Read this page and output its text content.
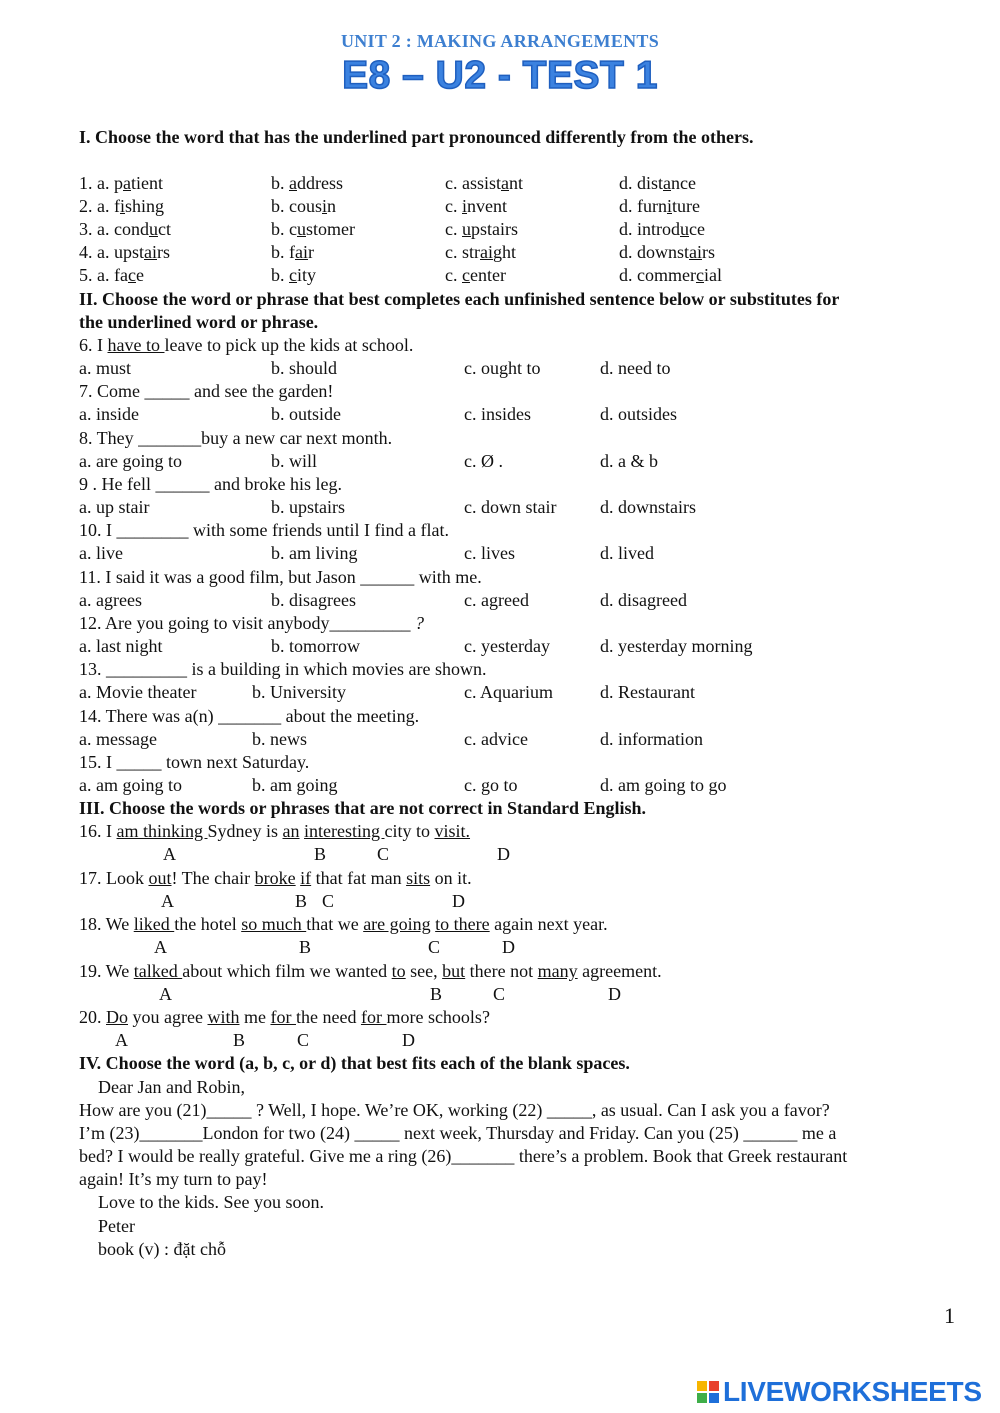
UNIT 2 : MAKING ARRANGEMENTS
E8 – U2 - TEST 1
I. Choose the word that has the underlined part pronounced differently from the others.
1. a. patient	b. address	c. assistant	d. distance
2. a. fishing	b. cousin	c. invent	d. furniture
3. a. conduct	b. customer	c. upstairs	d. introduce
4. a. upstairs	b. fair	c. straight	d. downstairs
5. a. face	b. city	c. center	d. commercial
II. Choose the word or phrase that best completes each unfinished sentence below or substitutes for
the underlined word or phrase.
6. I have to leave to pick up the kids at school.
a. must	b. should	c. ought to	d. need to
7. Come _____ and see the garden!
a. inside	b. outside	c. insides	d. outsides
8. They _______buy a new car next month.
a. are going to	b. will	c. Ø .	d. a & b
9 . He fell ______ and broke his leg.
a. up stair	b. upstairs	c. down stair d. downstairs
10. I ________ with some friends until I find a flat.
a. live	b. am living	c. lives	d. lived
11. I said it was a good film, but Jason ______ with me.
a. agrees	b. disagrees	c. agreed	d. disagreed
12. Are you going to visit anybody_________ ?
a. last night	b. tomorrow	c. yesterday	d. yesterday morning
13. _________ is a building in which movies are shown.
a. Movie theater	b. University	c. Aquarium	d. Restaurant
14. There was a(n) _______ about the meeting.
a. message	b. news	c. advice	d. information
15. I _____ town next Saturday.
a. am going to	b. am going	c. go to	d. am going to go
III. Choose the words or phrases that are not correct in Standard English.
16. I am thinking Sydney is an interesting city to visit.
A	B	C	D
17. Look out! The chair broke if that fat man sits on it.
A	B C	D
18. We liked the hotel so much that we are going to there again next year.
A	B	C	D
19. We talked about which film we wanted to see, but there not many agreement.
A	B	C	D
20. Do you agree with me for the need for more schools?
A	B	C	D
IV. Choose the word (a, b, c, or d) that best fits each of the blank spaces.
Dear Jan and Robin,
How are you (21)_____ ? Well, I hope. We’re OK, working (22) _____, as usual. Can I ask you a favor?
I’m (23)_______London for two (24) _____ next week, Thursday and Friday. Can you (25) ______ me a
bed? I would be really grateful. Give me a ring (26)_______ there’s a problem. Book that Greek restaurant
again! It’s my turn to pay!
Love to the kids. See you soon.
Peter
book (v) : đặt chỗ
1
LIVEWORKSHEETS
